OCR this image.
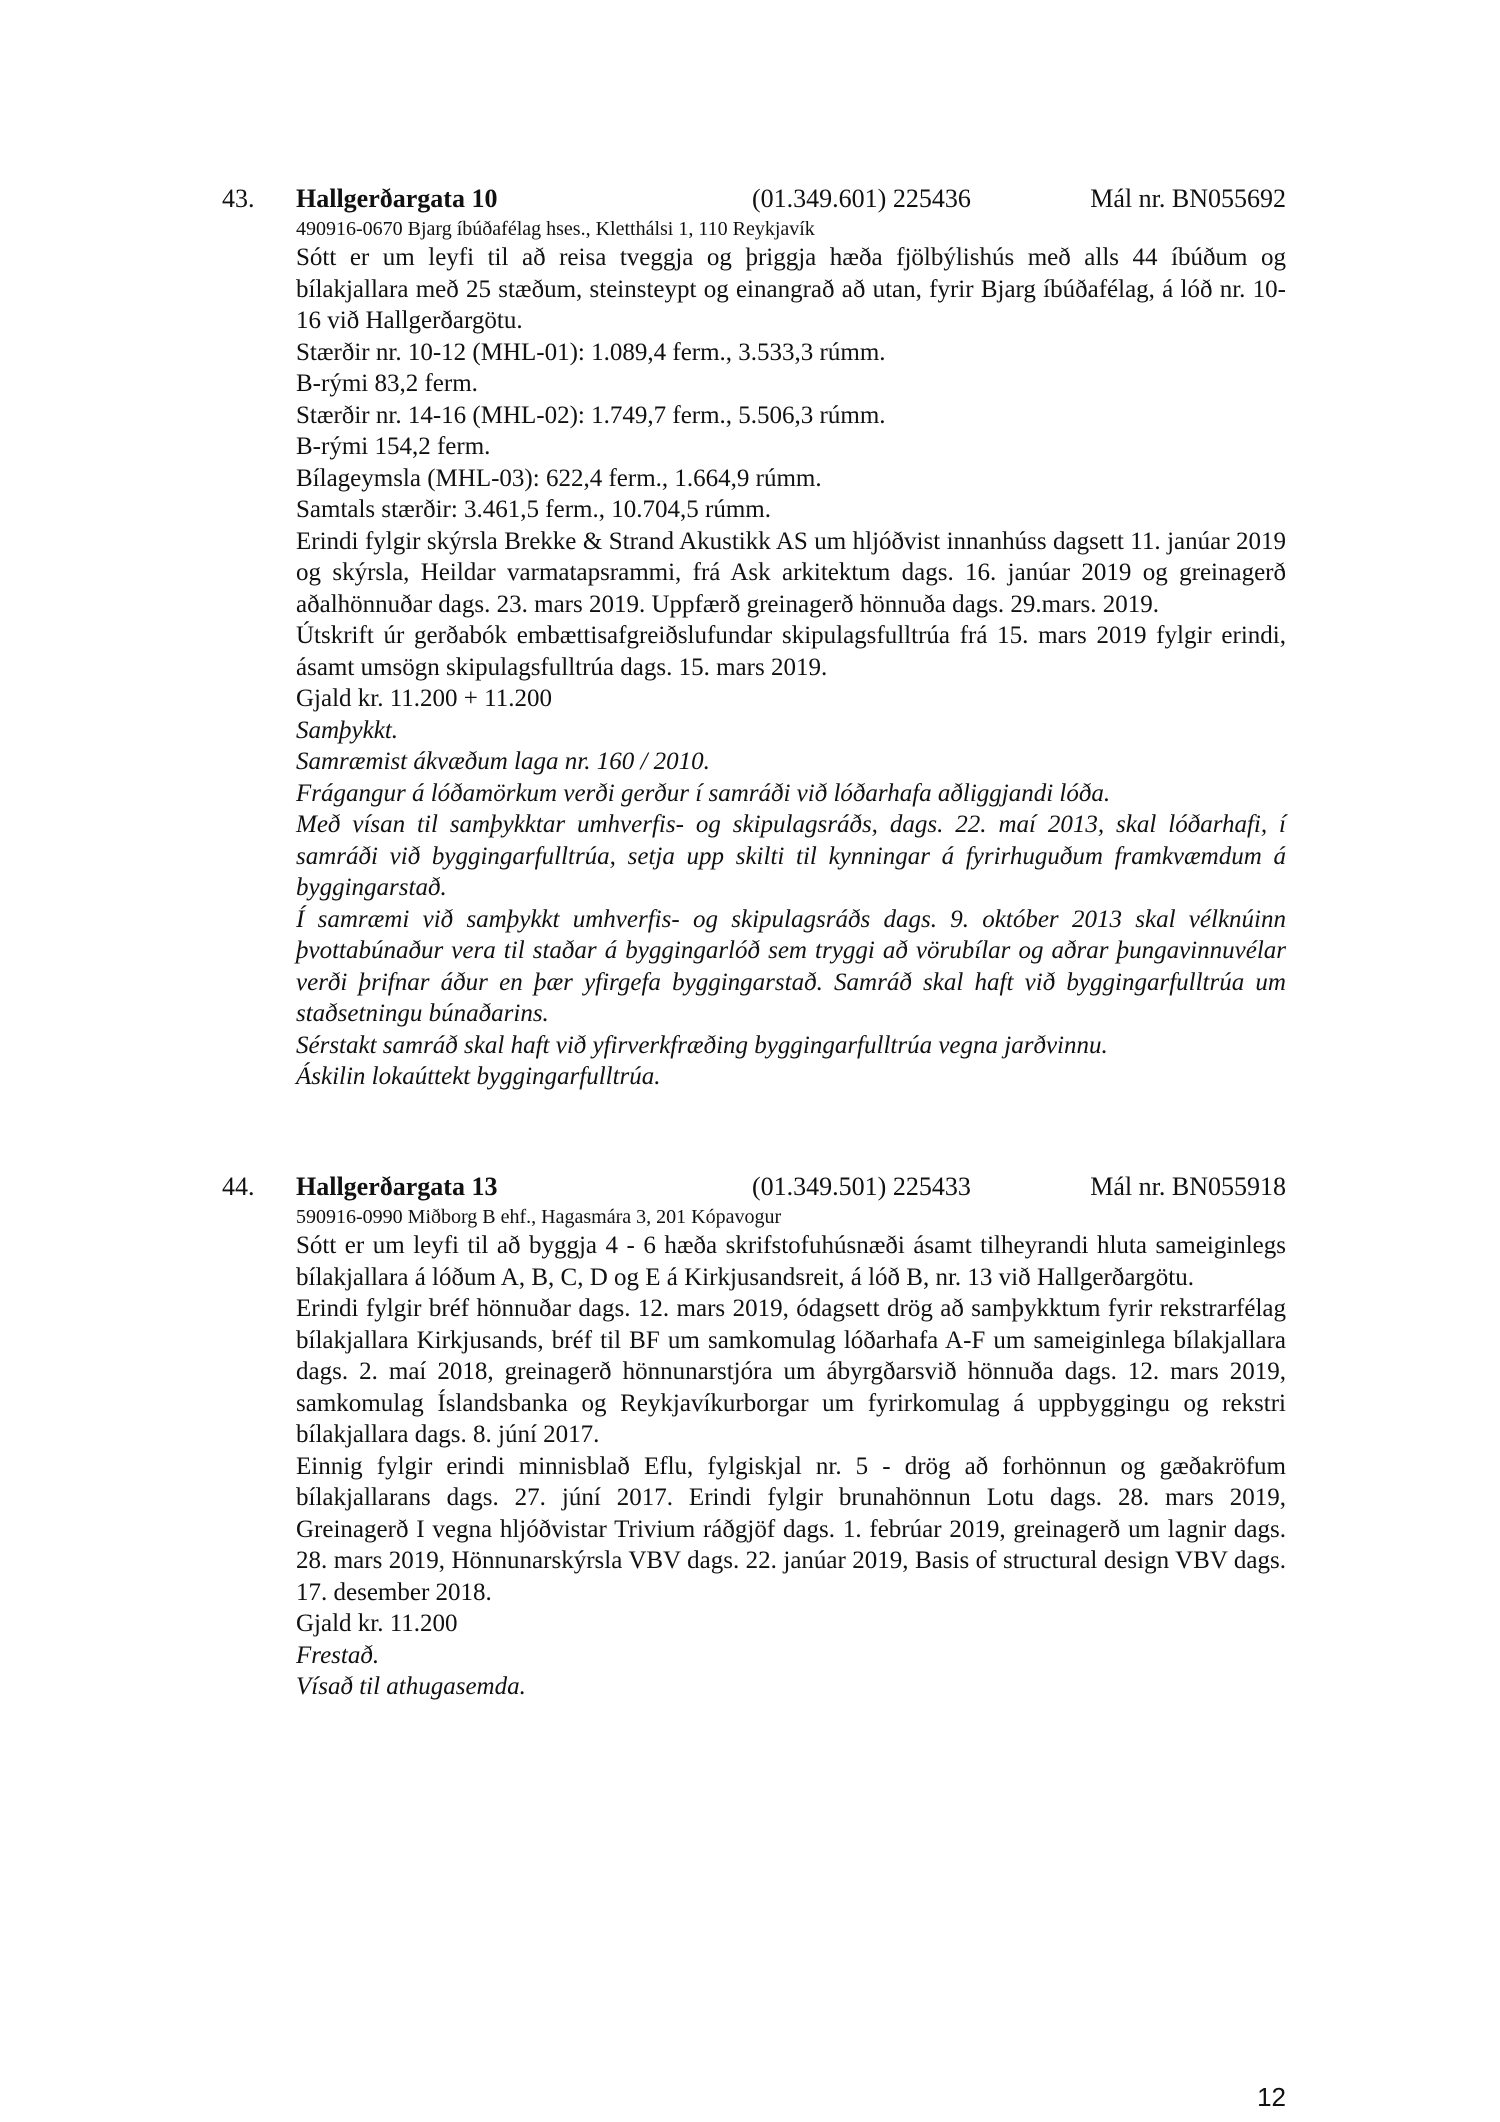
43. Hallgerðargata 10	(01.349.601) 225436	Mál nr. BN055692

490916-0670 Bjarg íbúðafélag hses., Kletthálsi 1, 110 Reykjavík

Sótt er um leyfi til að reisa tveggja og þriggja hæða fjölbýlishús með alls 44 íbúðum og bílakjallara með 25 stæðum, steinsteypt og einangrað að utan, fyrir Bjarg íbúðafélag, á lóð nr. 10-16 við Hallgerðargötu.

Stærðir nr. 10-12 (MHL-01): 1.089,4 ferm., 3.533,3 rúmm.

B-rými 83,2 ferm.

Stærðir nr. 14-16 (MHL-02): 1.749,7 ferm., 5.506,3 rúmm.

B-rými 154,2 ferm.

Bílageymsla (MHL-03): 622,4 ferm., 1.664,9 rúmm.

Samtals stærðir: 3.461,5 ferm., 10.704,5 rúmm.

Erindi fylgir skýrsla Brekke & Strand Akustikk AS um hljóðvist innanhúss dagsett 11. janúar 2019 og skýrsla, Heildar varmatapsrammi, frá Ask arkitektum dags. 16. janúar 2019 og greinagerð aðalhönnuðar dags. 23. mars 2019. Uppfærð greinagerð hönnuða dags. 29.mars. 2019.

Útskrift úr gerðabók embættisafgreiðslufundar skipulagsfulltrúa frá 15. mars 2019 fylgir erindi, ásamt umsögn skipulagsfulltrúa dags. 15. mars 2019.

Gjald kr. 11.200 + 11.200

Samþykkt.

Samræmist ákvæðum laga nr. 160 / 2010.

Frágangur á lóðamörkum verði gerður í samráði við lóðarhafa aðliggjandi lóða.

Með vísan til samþykktar umhverfis- og skipulagsráðs, dags. 22. maí 2013, skal lóðarhafi, í samráði við byggingarfulltrúa, setja upp skilti til kynningar á fyrirhuguðum framkvæmdum á byggingarstað.

Í samræmi við samþykkt umhverfis- og skipulagsráðs dags. 9. október 2013 skal vélknúinn þvottabúnaður vera til staðar á byggingarlóð sem tryggi að vörubílar og aðrar þungavinnuvélar verði þrifnar áður en þær yfirgefa byggingarstað. Samráð skal haft við byggingarfulltrúa um staðsetningu búnaðarins.

Sérstakt samráð skal haft við yfirverkfræðing byggingarfulltrúa vegna jarðvinnu.

Áskilin lokaúttekt byggingarfulltrúa.

44. Hallgerðargata 13	(01.349.501) 225433	Mál nr. BN055918

590916-0990 Miðborg B ehf., Hagasmára 3, 201 Kópavogur

Sótt er um leyfi til að byggja 4 - 6 hæða skrifstofuhúsnæði ásamt tilheyrandi hluta sameiginlegs bílakjallara á lóðum A, B, C, D og E á Kirkjusandsreit, á lóð B, nr. 13 við Hallgerðargötu.

Erindi fylgir bréf hönnuðar dags. 12. mars 2019, ódagsett drög að samþykktum fyrir rekstrarfélag bílakjallara Kirkjusands, bréf til BF um samkomulag lóðarhafa A-F um sameiginlega bílakjallara dags. 2. maí 2018, greinagerð hönnunarstjóra um ábyrgðarsvið hönnuða dags. 12. mars 2019, samkomulag Íslandsbanka og Reykjavíkurborgar um fyrirkomulag á uppbyggingu og rekstri bílakjallara dags. 8. júní 2017.

Einnig fylgir erindi minnisblað Eflu, fylgiskjal nr. 5 - drög að forhönnun og gæðakröfum bílakjallarans dags. 27. júní 2017. Erindi fylgir brunahönnun Lotu dags. 28. mars 2019, Greinagerð I vegna hljóðvistar Trivium ráðgjöf dags. 1. febrúar 2019, greinagerð um lagnir dags. 28. mars 2019, Hönnunarskýrsla VBV dags. 22. janúar 2019, Basis of structural design VBV dags. 17. desember 2018.

Gjald kr. 11.200

Frestað.

Vísað til athugasemda.

12
